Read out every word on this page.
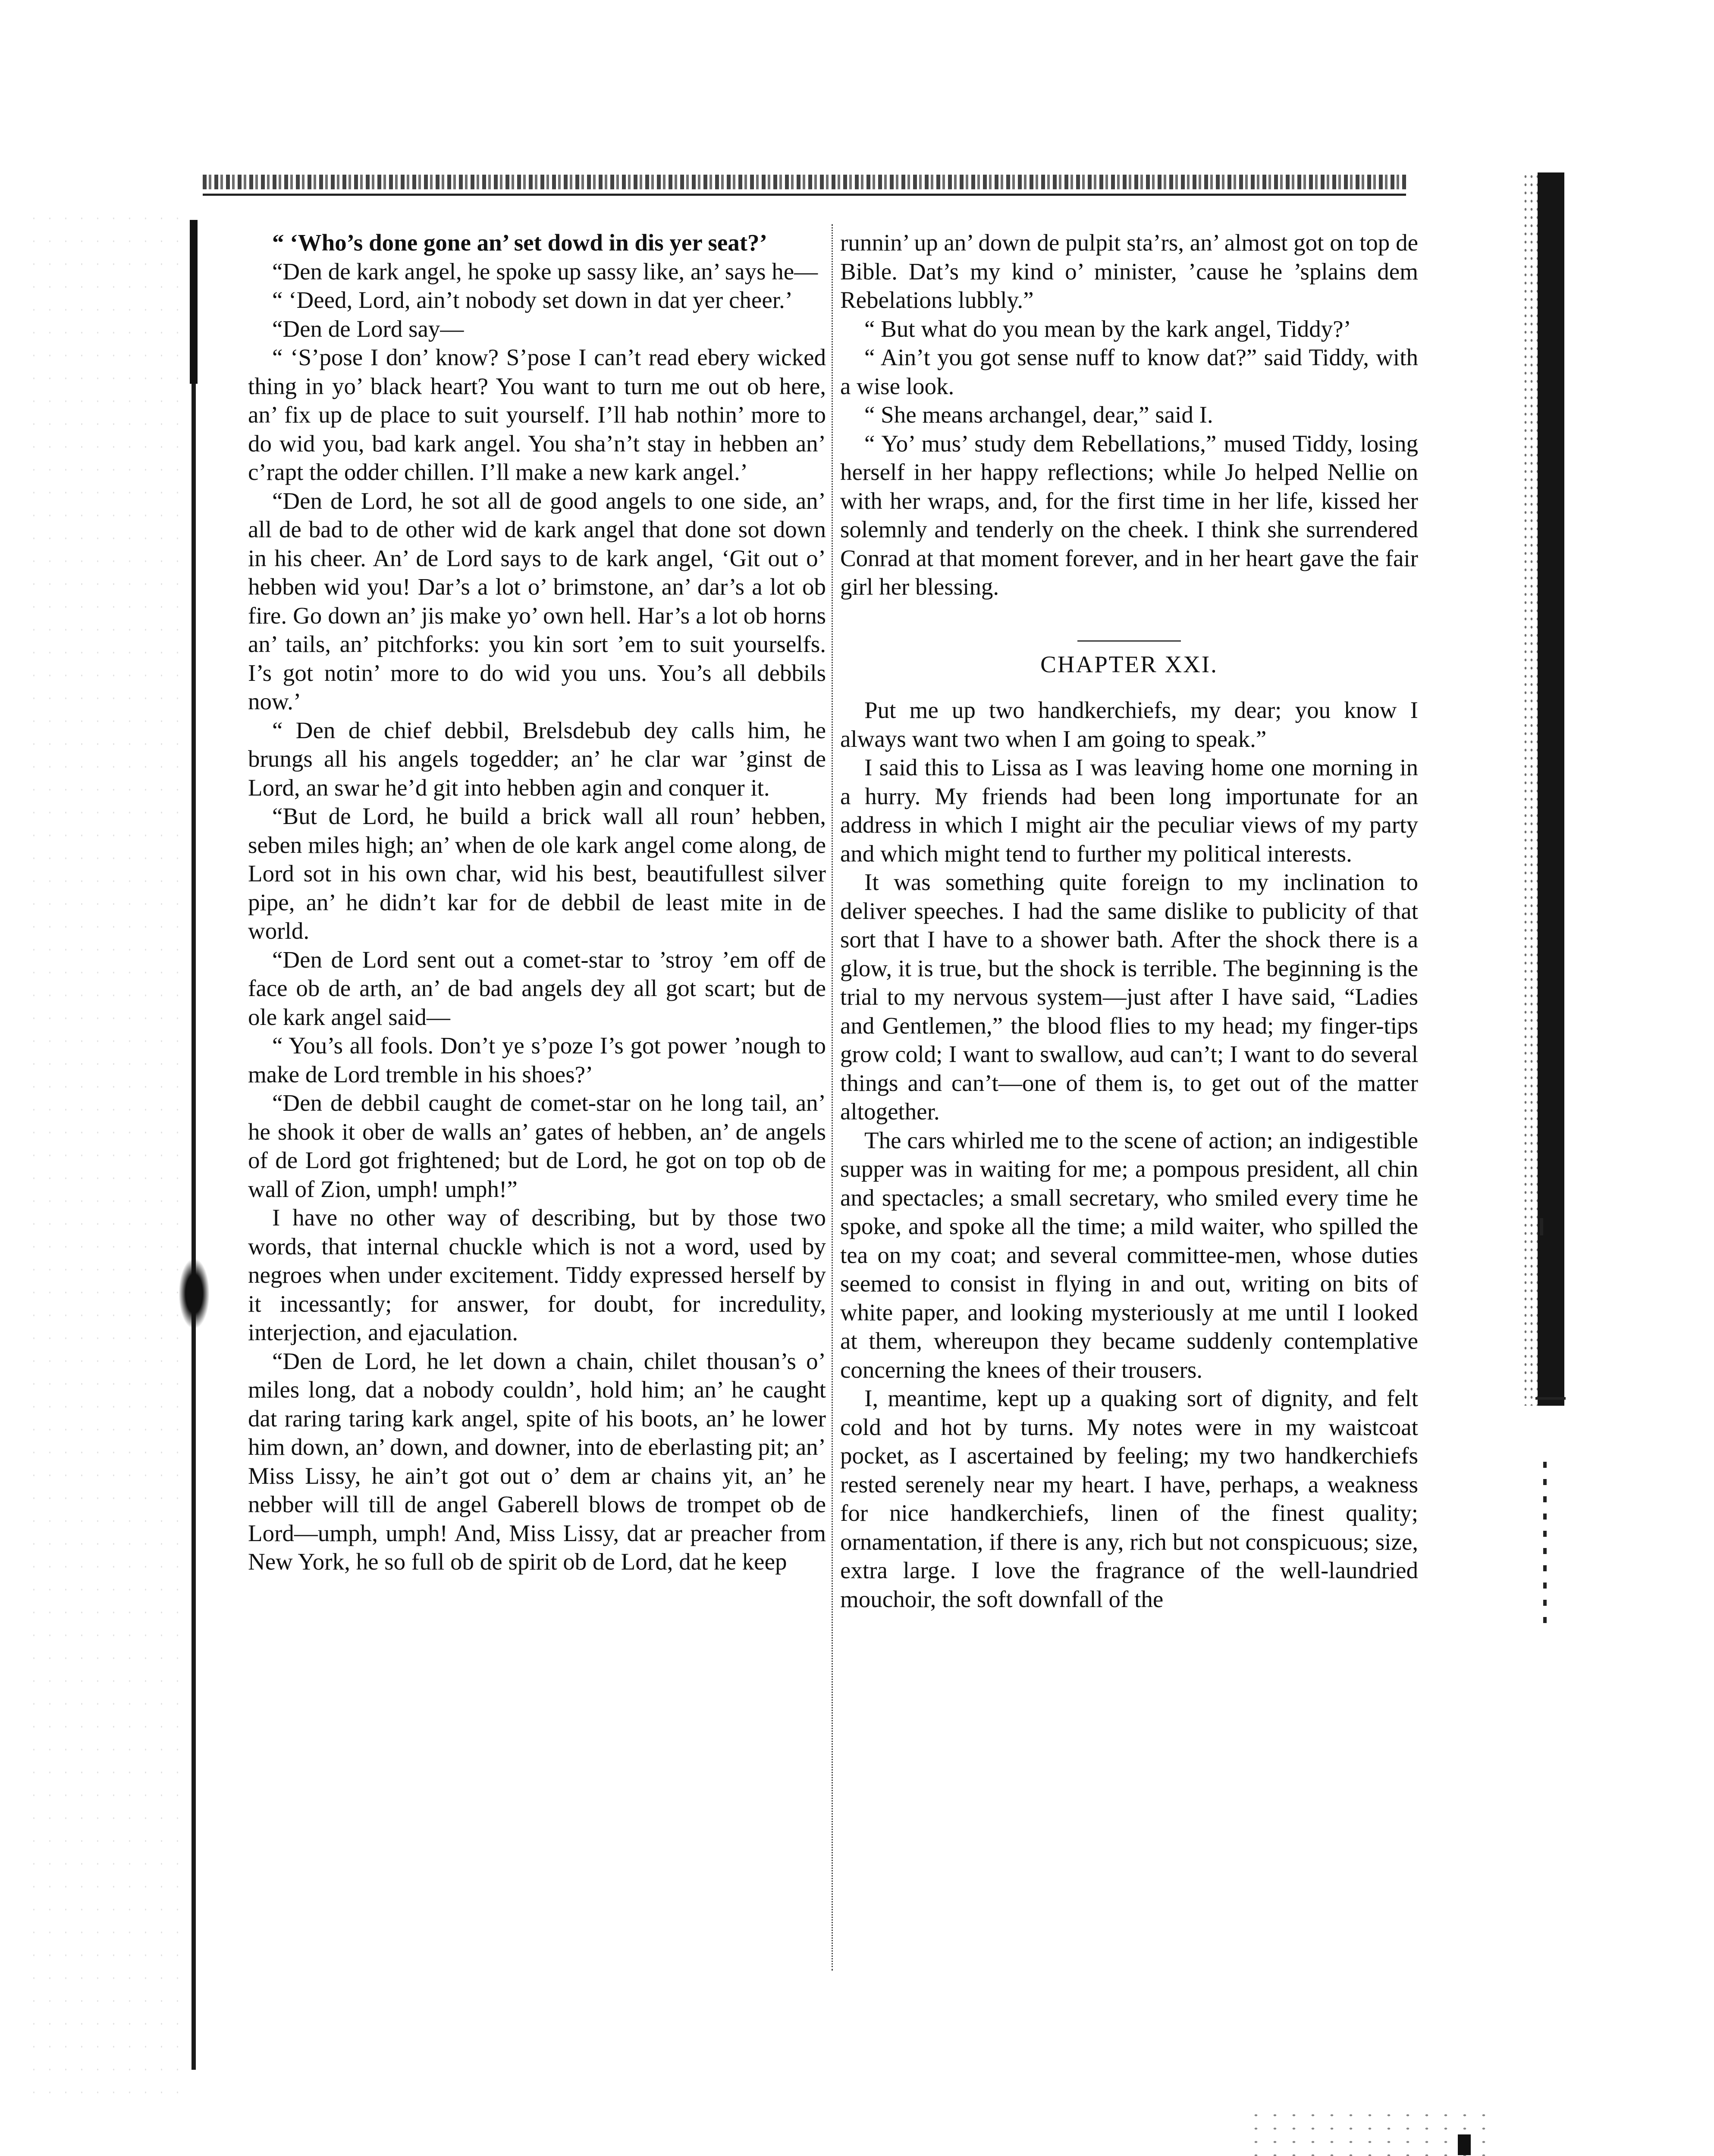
“ ‘Who’s done gone an’ set dowd in dis yer seat?’

“Den de kark angel, he spoke up sassy like, an’ says he—

“ ‘Deed, Lord, ain’t nobody set down in dat yer cheer.’

“Den de Lord say—

“ ‘S’pose I don’ know? S’pose I can’t read ebery wicked thing in yo’ black heart? You want to turn me out ob here, an’ fix up de place to suit yourself. I’ll hab nothin’ more to do wid you, bad kark angel. You sha’n’t stay in hebben an’ c’rapt the odder chillen. I’ll make a new kark angel.’

“Den de Lord, he sot all de good angels to one side, an’ all de bad to de other wid de kark angel that done sot down in his cheer. An’ de Lord says to de kark angel, ‘Git out o’ hebben wid you! Dar’s a lot o’ brimstone, an’ dar’s a lot ob fire. Go down an’ jis make yo’ own hell. Har’s a lot ob horns an’ tails, an’ pitchforks: you kin sort ’em to suit yourselfs. I’s got notin’ more to do wid you uns. You’s all debbils now.’

“ Den de chief debbil, Brelsdebub dey calls him, he brungs all his angels togedder; an’ he clar war ’ginst de Lord, an swar he’d git into hebben agin and conquer it.

“But de Lord, he build a brick wall all roun’ hebben, seben miles high; an’ when de ole kark angel come along, de Lord sot in his own char, wid his best, beautifullest silver pipe, an’ he didn’t kar for de debbil de least mite in de world.

“Den de Lord sent out a comet-star to ’stroy ’em off de face ob de arth, an’ de bad angels dey all got scart; but de ole kark angel said—

“ You’s all fools. Don’t ye s’poze I’s got power ’nough to make de Lord tremble in his shoes?’

“Den de debbil caught de comet-star on he long tail, an’ he shook it ober de walls an’ gates of hebben, an’ de angels of de Lord got frightened; but de Lord, he got on top ob de wall of Zion, umph! umph!”

I have no other way of describing, but by those two words, that internal chuckle which is not a word, used by negroes when under excitement. Tiddy expressed herself by it incessantly; for answer, for doubt, for incredulity, interjection, and ejaculation.

“Den de Lord, he let down a chain, chilet thousan’s o’ miles long, dat a nobody couldn’, hold him; an’ he caught dat raring taring kark angel, spite of his boots, an’ he lower him down, an’ down, and downer, into de eberlasting pit; an’ Miss Lissy, he ain’t got out o’ dem ar chains yit, an’ he nebber will till de angel Gaberell blows de trompet ob de Lord—umph, umph! And, Miss Lissy, dat ar preacher from New York, he so full ob de spirit ob de Lord, dat he keep

runnin’ up an’ down de pulpit sta’rs, an’ almost got on top de Bible. Dat’s my kind o’ minister, ’cause he ’splains dem Rebelations lubbly.”

“ But what do you mean by the kark angel, Tiddy?’

“ Ain’t you got sense nuff to know dat?” said Tiddy, with a wise look.

“ She means archangel, dear,” said I.

“ Yo’ mus’ study dem Rebellations,” mused Tiddy, losing herself in her happy reflections; while Jo helped Nellie on with her wraps, and, for the first time in her life, kissed her solemnly and tenderly on the cheek. I think she surrendered Conrad at that moment forever, and in her heart gave the fair girl her blessing.

CHAPTER XXI.

Put me up two handkerchiefs, my dear; you know I always want two when I am going to speak.”

I said this to Lissa as I was leaving home one morning in a hurry. My friends had been long importunate for an address in which I might air the peculiar views of my party and which might tend to further my political interests.

It was something quite foreign to my inclination to deliver speeches. I had the same dislike to publicity of that sort that I have to a shower bath. After the shock there is a glow, it is true, but the shock is terrible. The beginning is the trial to my nervous system—just after I have said, “Ladies and Gentlemen,” the blood flies to my head; my finger-tips grow cold; I want to swallow, aud can’t; I want to do several things and can’t—one of them is, to get out of the matter altogether.

The cars whirled me to the scene of action; an indigestible supper was in waiting for me; a pompous president, all chin and spectacles; a small secretary, who smiled every time he spoke, and spoke all the time; a mild waiter, who spilled the tea on my coat; and several committee-men, whose duties seemed to consist in flying in and out, writing on bits of white paper, and looking mysteriously at me until I looked at them, whereupon they became suddenly contemplative concerning the knees of their trousers.

I, meantime, kept up a quaking sort of dignity, and felt cold and hot by turns. My notes were in my waistcoat pocket, as I ascertained by feeling; my two handkerchiefs rested serenely near my heart. I have, perhaps, a weakness for nice handkerchiefs, linen of the finest quality; ornamentation, if there is any, rich but not conspicuous; size, extra large. I love the fragrance of the well-laundried mouchoir, the soft downfall of the
